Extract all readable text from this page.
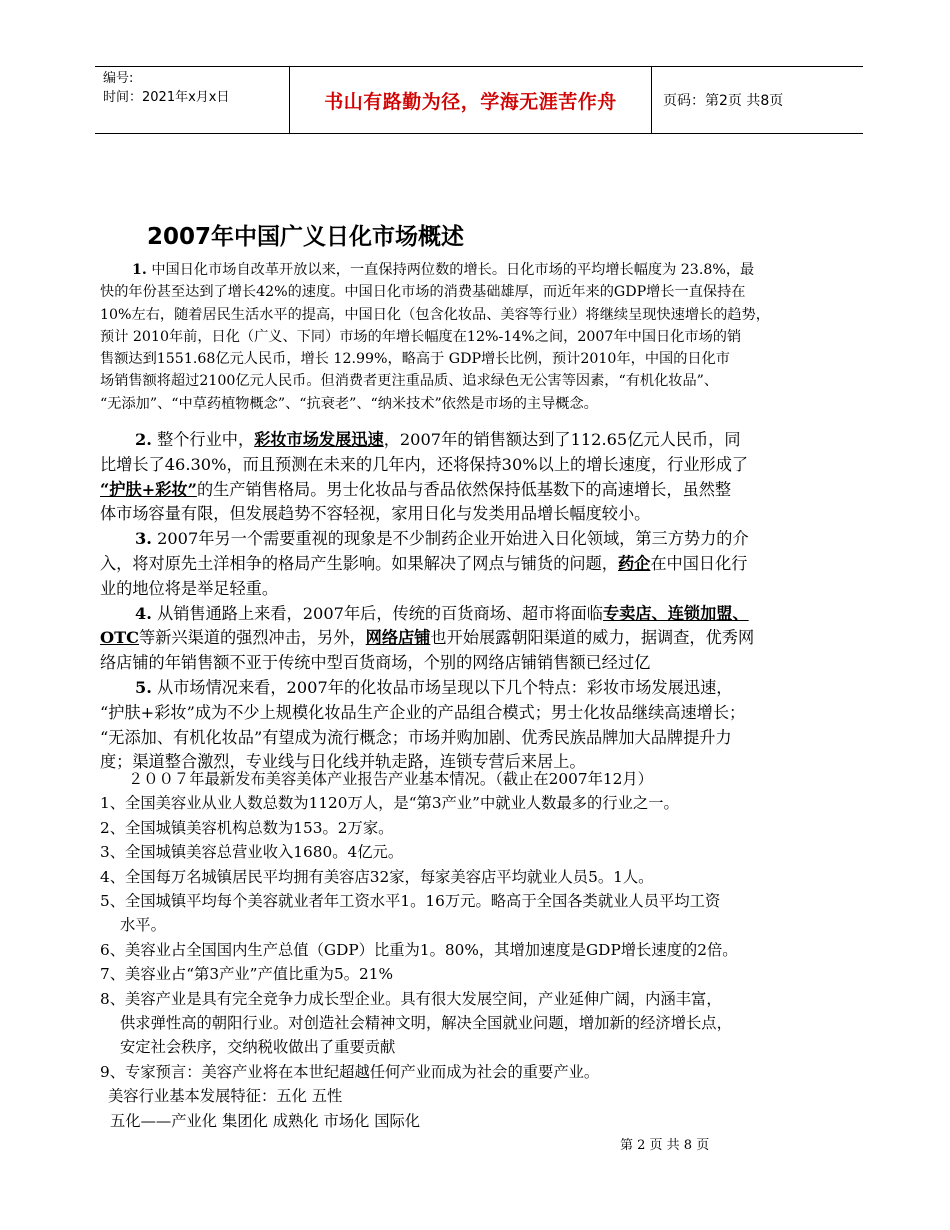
编号:
时间：2021年x月x日	书山有路勤为径，学海无涯苦作舟	页码：第2页 共8页
2007年中国广义日化市场概述
1. 中国日化市场自改革开放以来，一直保持两位数的增长。日化市场的平均增长幅度为 23.8%，最
快的年份甚至达到了增长42%的速度。中国日化市场的消费基础雄厚，而近年来的GDP增长一直保持在
10%左右，随着居民生活水平的提高，中国日化（包含化妆品、美容等行业）将继续呈现快速增长的趋势，
预计 2010年前，日化（广义、下同）市场的年增长幅度在12%-14%之间，2007年中国日化市场的销
售额达到1551.68亿元人民币，增长 12.99%，略高于 GDP增长比例，预计2010年，中国的日化市
场销售额将超过2100亿元人民币。但消费者更注重品质、追求绿色无公害等因素，“有机化妆品”、
“无添加”、“中草药植物概念”、“抗衰老”、“纳米技术”依然是市场的主导概念。
2. 整个行业中，彩妆市场发展迅速，2007年的销售额达到了112.65亿元人民币，同
比增长了46.30%，而且预测在未来的几年内，还将保持30%以上的增长速度，行业形成了
“护肤+彩妆”的生产销售格局。男士化妆品与香品依然保持低基数下的高速增长，虽然整
体市场容量有限，但发展趋势不容轻视，家用日化与发类用品增长幅度较小。
3. 2007年另一个需要重视的现象是不少制药企业开始进入日化领域，第三方势力的介
入，将对原先土洋相争的格局产生影响。如果解决了网点与铺货的问题，药企在中国日化行
业的地位将是举足轻重。
4. 从销售通路上来看，2007年后，传统的百货商场、超市将面临专卖店、连锁加盟、
OTC等新兴渠道的强烈冲击，另外，网络店铺也开始展露朝阳渠道的威力，据调查，优秀网
络店铺的年销售额不亚于传统中型百货商场，个别的网络店铺销售额已经过亿
5. 从市场情况来看，2007年的化妆品市场呈现以下几个特点：彩妆市场发展迅速，
“护肤+彩妆”成为不少上规模化妆品生产企业的产品组合模式；男士化妆品继续高速增长；
“无添加、有机化妆品”有望成为流行概念；市场并购加剧、优秀民族品牌加大品牌提升力
度；渠道整合激烈，专业线与日化线并轨走路，连锁专营后来居上。
２００７年最新发布美容美体产业报告产业基本情况。（截止在2007年12月）
1、全国美容业从业人数总数为1120万人，是“第3产业”中就业人数最多的行业之一。
2、全国城镇美容机构总数为153。2万家。
3、全国城镇美容总营业收入1680。4亿元。
4、全国每万名城镇居民平均拥有美容店32家，每家美容店平均就业人员5。1人。
5、全国城镇平均每个美容就业者年工资水平1。16万元。略高于全国各类就业人员平均工资
水平。
6、美容业占全国国内生产总值（GDP）比重为1。80%，其增加速度是GDP增长速度的2倍。
7、美容业占“第3产业”产值比重为5。21%
8、美容产业是具有完全竞争力成长型企业。具有很大发展空间，产业延伸广阔，内涵丰富，
供求弹性高的朝阳行业。对创造社会精神文明，解决全国就业问题，增加新的经济增长点，
安定社会秩序，交纳税收做出了重要贡献
9、专家预言：美容产业将在本世纪超越任何产业而成为社会的重要产业。
美容行业基本发展特征：五化 五性
五化——产业化 集团化 成熟化 市场化 国际化
第 2 页 共 8 页
